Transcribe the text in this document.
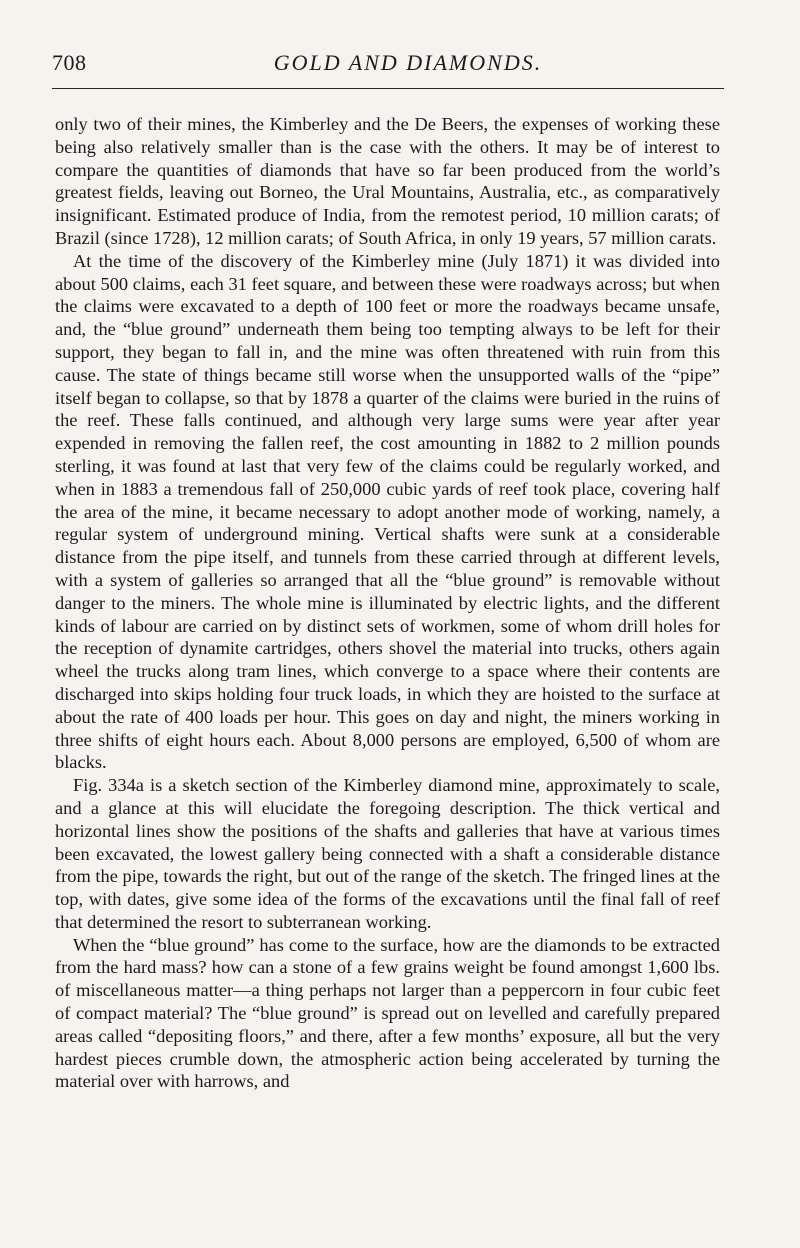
708	GOLD AND DIAMONDS.

only two of their mines, the Kimberley and the De Beers, the expenses of working these being also relatively smaller than is the case with the others. It may be of interest to compare the quantities of diamonds that have so far been produced from the world’s greatest fields, leaving out Borneo, the Ural Mountains, Australia, etc., as comparatively insignificant. Estimated produce of India, from the remotest period, 10 million carats; of Brazil (since 1728), 12 million carats; of South Africa, in only 19 years, 57 million carats.

At the time of the discovery of the Kimberley mine (July 1871) it was divided into about 500 claims, each 31 feet square, and between these were roadways across; but when the claims were excavated to a depth of 100 feet or more the roadways became unsafe, and, the “blue ground” underneath them being too tempting always to be left for their support, they began to fall in, and the mine was often threatened with ruin from this cause. The state of things became still worse when the unsupported walls of the “pipe” itself began to collapse, so that by 1878 a quarter of the claims were buried in the ruins of the reef. These falls continued, and although very large sums were year after year expended in removing the fallen reef, the cost amounting in 1882 to 2 million pounds sterling, it was found at last that very few of the claims could be regularly worked, and when in 1883 a tremendous fall of 250,000 cubic yards of reef took place, covering half the area of the mine, it became necessary to adopt another mode of working, namely, a regular system of underground mining. Vertical shafts were sunk at a considerable distance from the pipe itself, and tunnels from these carried through at different levels, with a system of galleries so arranged that all the “blue ground” is removable without danger to the miners. The whole mine is illuminated by electric lights, and the different kinds of labour are carried on by distinct sets of workmen, some of whom drill holes for the reception of dynamite cartridges, others shovel the material into trucks, others again wheel the trucks along tram lines, which converge to a space where their contents are discharged into skips holding four truck loads, in which they are hoisted to the surface at about the rate of 400 loads per hour. This goes on day and night, the miners working in three shifts of eight hours each. About 8,000 persons are employed, 6,500 of whom are blacks.

Fig. 334a is a sketch section of the Kimberley diamond mine, approximately to scale, and a glance at this will elucidate the foregoing description. The thick vertical and horizontal lines show the positions of the shafts and galleries that have at various times been excavated, the lowest gallery being connected with a shaft a considerable distance from the pipe, towards the right, but out of the range of the sketch. The fringed lines at the top, with dates, give some idea of the forms of the excavations until the final fall of reef that determined the resort to subterranean working.

When the “blue ground” has come to the surface, how are the diamonds to be extracted from the hard mass? how can a stone of a few grains weight be found amongst 1,600 lbs. of miscellaneous matter—a thing perhaps not larger than a peppercorn in four cubic feet of compact material? The “blue ground” is spread out on levelled and carefully prepared areas called “depositing floors,” and there, after a few months’ exposure, all but the very hardest pieces crumble down, the atmospheric action being accelerated by turning the material over with harrows, and
